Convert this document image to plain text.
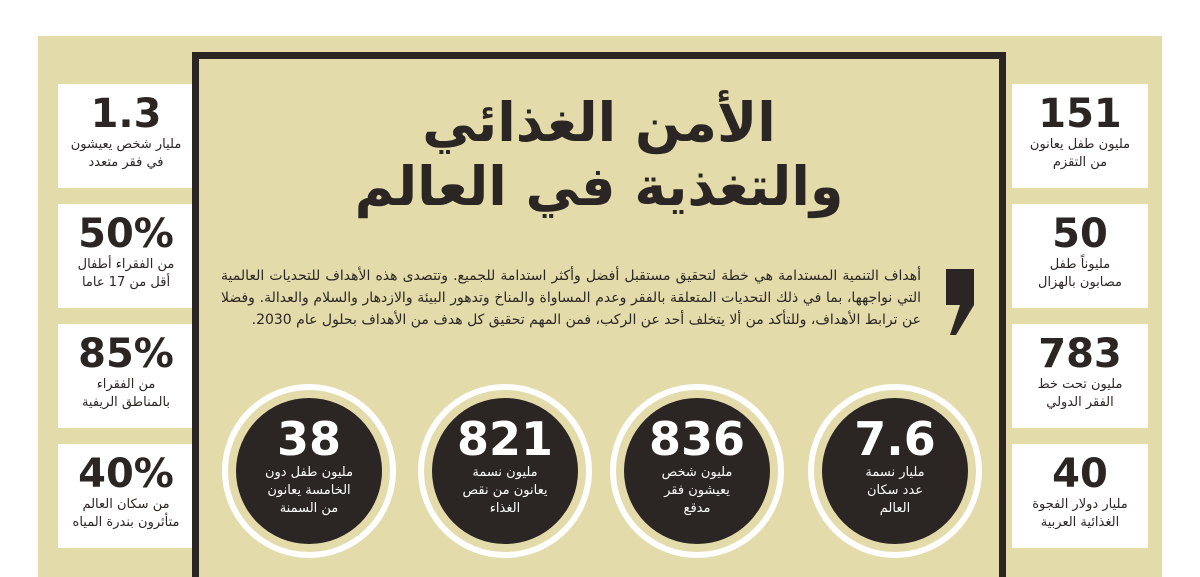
1.3
مليار شخص يعيشون
في فقر متعدد
50%
من الفقراء أطفال
أقل من 17 عاما
85%
من الفقراء
بالمناطق الريفية
40%
من سكان العالم
متأثرون بندرة المياه
151
مليون طفل يعانون
من التقزم
50
مليوناً طفل
مصابون بالهزال
783
مليون تحت خط
الفقر الدولي
40
مليار دولار الفجوة
الغذائية العربية
الأمن الغذائي
والتغذية في العالم
أهداف التنمية المستدامة هي خطة لتحقيق مستقبل أفضل وأكثر استدامة للجميع. وتتصدى هذه الأهداف للتحديات العالمية التي نواجهها، بما في ذلك التحديات المتعلقة بالفقر وعدم المساواة والمناخ وتدهور البيئة والازدهار والسلام والعدالة. وفضلا عن ترابط الأهداف، وللتأكد من ألا يتخلف أحد عن الركب، فمن المهم تحقيق كل هدف من الأهداف بحلول عام 2030.
7.6
مليار نسمة
عدد سكان
العالم
836
مليون شخص
يعيشون فقر
مدقع
821
مليون نسمة
يعانون من نقص
الغذاء
38
مليون طفل دون
الخامسة يعانون
من السمنة
